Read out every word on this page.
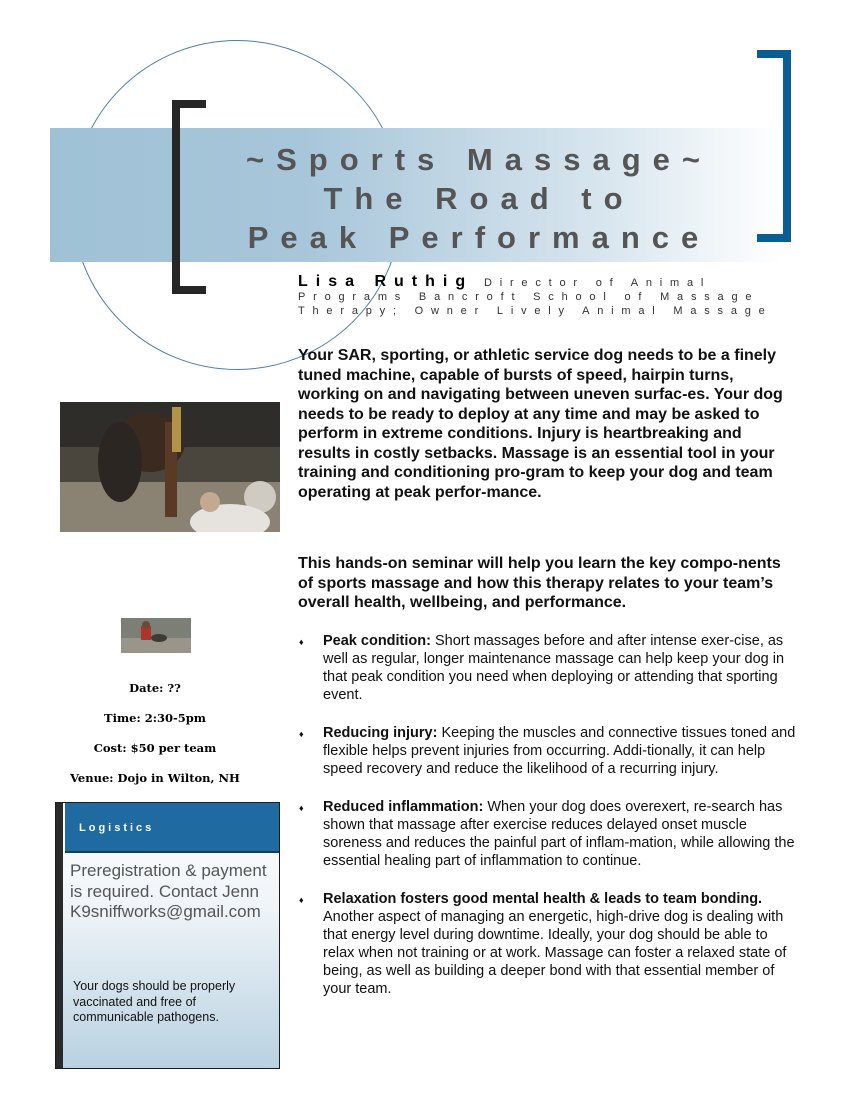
~Sports Massage~
The Road to
Peak Performance
Lisa Ruthig Director of Animal Programs Bancroft School of Massage Therapy; Owner Lively Animal Massage
Date: ??
Time: 2:30-5pm
Cost: $50 per team
Venue: Dojo in Wilton, NH
Logistics
Preregistration & payment is required. Contact Jenn K9sniffworks@gmail.com
Your dogs should be properly vaccinated and free of communicable pathogens.
Your SAR, sporting, or athletic service dog needs to be a finely tuned machine, capable of bursts of speed, hairpin turns, working on and navigating between uneven surfac-es. Your dog needs to be ready to deploy at any time and may be asked to perform in extreme conditions. Injury is heartbreaking and results in costly setbacks. Massage is an essential tool in your training and conditioning pro-gram to keep your dog and team operating at peak perfor-mance.
This hands-on seminar will help you learn the key compo-nents of sports massage and how this therapy relates to your team’s overall health, wellbeing, and performance.
♦ Peak condition: Short massages before and after intense exer-cise, as well as regular, longer maintenance massage can help keep your dog in that peak condition you need when deploying or attending that sporting event.
♦ Reducing injury: Keeping the muscles and connective tissues toned and flexible helps prevent injuries from occurring. Addi-tionally, it can help speed recovery and reduce the likelihood of a recurring injury.
♦ Reduced inflammation: When your dog does overexert, re-search has shown that massage after exercise reduces delayed onset muscle soreness and reduces the painful part of inflam-mation, while allowing the essential healing part of inflammation to continue.
♦ Relaxation fosters good mental health & leads to team bonding. Another aspect of managing an energetic, high-drive dog is dealing with that energy level during downtime. Ideally, your dog should be able to relax when not training or at work. Massage can foster a relaxed state of being, as well as building a deeper bond with that essential member of your team.
